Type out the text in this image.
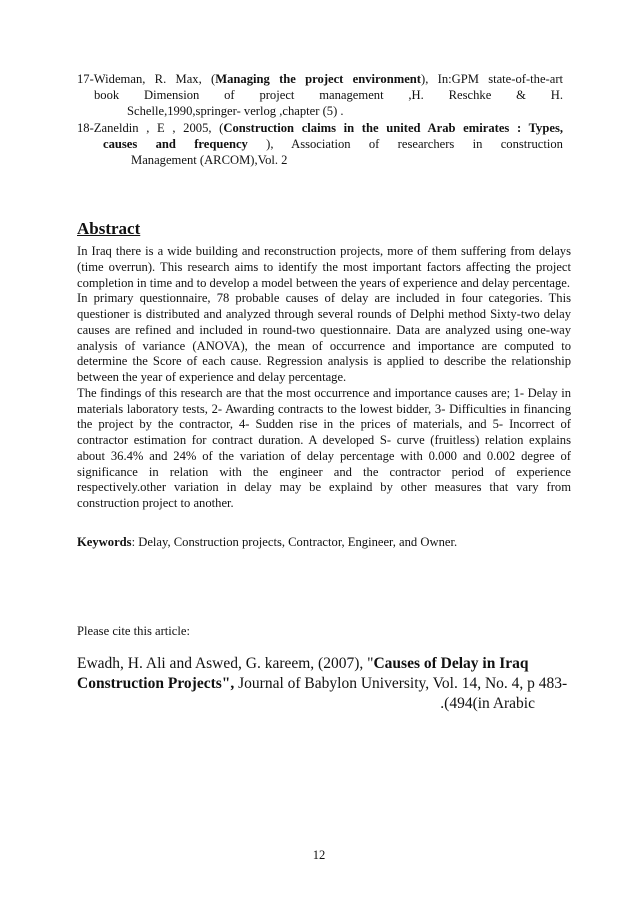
17-Wideman, R. Max, (Managing the project environment), In:GPM state-of-the-art
book Dimension of project management ,H. Reschke & H.
Schelle,1990,springer- verlog ,chapter (5) .
18-Zaneldin , E , 2005, (Construction claims in the united Arab emirates : Types,
causes and frequency ), Association of researchers in construction
Management (ARCOM),Vol. 2
Abstract

In Iraq there is a wide building and reconstruction projects, more of them suffering from delays (time overrun). This research aims to identify the most important factors affecting the project completion in time and to develop a model between the years of experience and delay percentage.

In primary questionnaire, 78 probable causes of delay are included in four categories. This questioner is distributed and analyzed through several rounds of Delphi method Sixty-two delay causes are refined and included in round-two questionnaire. Data are analyzed using one-way analysis of variance (ANOVA), the mean of occurrence and importance are computed to determine the Score of each cause. Regression analysis is applied to describe the relationship between the year of experience and delay percentage.

The findings of this research are that the most occurrence and importance causes are; 1- Delay in materials laboratory tests, 2- Awarding contracts to the lowest bidder, 3- Difficulties in financing the project by the contractor, 4- Sudden rise in the prices of materials, and 5- Incorrect of contractor estimation for contract duration. A developed S- curve (fruitless) relation explains about 36.4% and 24% of the variation of delay percentage with 0.000 and 0.002 degree of significance in relation with the engineer and the contractor period of experience respectively.other variation in delay may be explaind by other measures that vary from construction project to another.

Keywords: Delay, Construction projects, Contractor, Engineer, and Owner.
Please cite this article:
Ewadh, H. Ali and Aswed, G. kareem, (2007), "Causes of Delay in Iraq
Construction Projects", Journal of Babylon University, Vol. 14, No. 4, p 483-
.(494(in Arabic
12
